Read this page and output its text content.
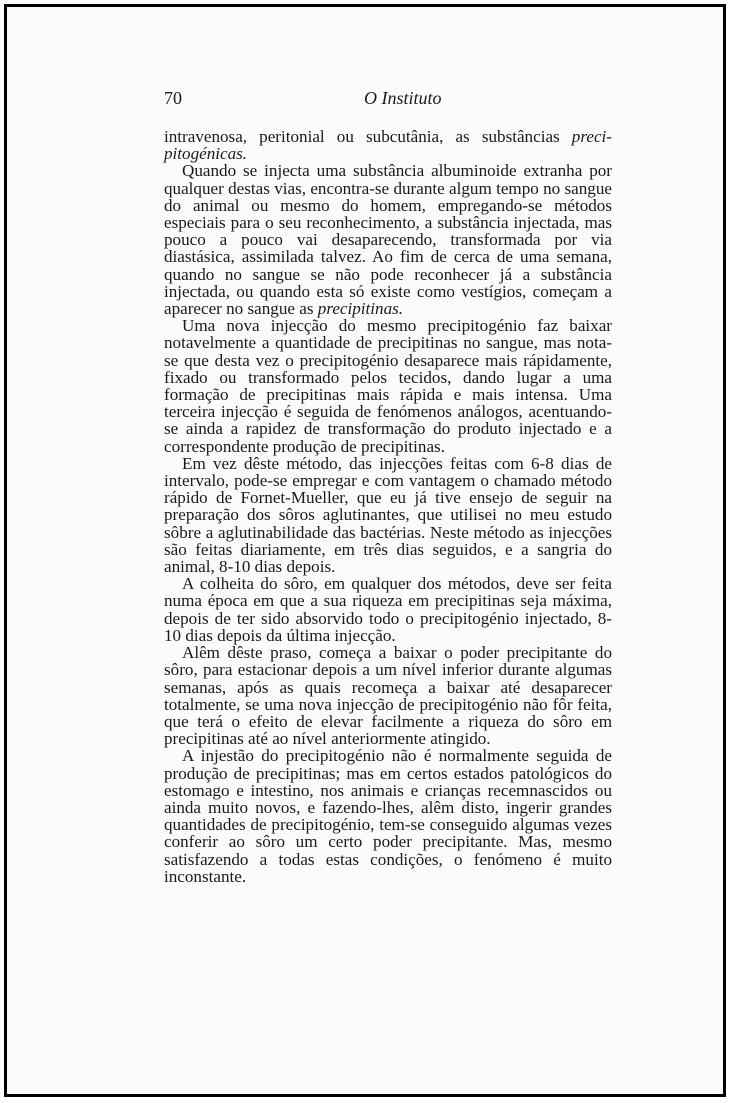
70	O Instituto

intravenosa, peritonial ou subcutânia, as substâncias precipitogénicas.

Quando se injecta uma substância albuminoide extranha por qualquer destas vias, encontra-se durante algum tempo no sangue do animal ou mesmo do homem, empregando-se métodos especiais para o seu reconhecimento, a substância injectada, mas pouco a pouco vai desaparecendo, transformada por via diastásica, assimilada talvez. Ao fim de cerca de uma semana, quando no sangue se não pode reconhecer já a substância injectada, ou quando esta só existe como vestígios, começam a aparecer no sangue as precipitinas.

Uma nova injecção do mesmo precipitogénio faz baixar notavelmente a quantidade de precipitinas no sangue, mas nota-se que desta vez o precipitogénio desaparece mais rápidamente, fixado ou transformado pelos tecidos, dando lugar a uma formação de precipitinas mais rápida e mais intensa. Uma terceira injecção é seguida de fenómenos análogos, acentuando-se ainda a rapidez de transformação do produto injectado e a correspondente produção de precipitinas.

Em vez dêste método, das injecções feitas com 6-8 dias de intervalo, pode-se empregar e com vantagem o chamado método rápido de Fornet-Mueller, que eu já tive ensejo de seguir na preparação dos sôros aglutinantes, que utilisei no meu estudo sôbre a aglutinabilidade das bactérias. Neste método as injecções são feitas diariamente, em três dias seguidos, e a sangria do animal, 8-10 dias depois.

A colheita do sôro, em qualquer dos métodos, deve ser feita numa época em que a sua riqueza em precipitinas seja máxima, depois de ter sido absorvido todo o precipitogénio injectado, 8-10 dias depois da última injecção.

Alêm dêste praso, começa a baixar o poder precipitante do sôro, para estacionar depois a um nível inferior durante algumas semanas, após as quais recomeça a baixar até desaparecer totalmente, se uma nova injecção de precipitogénio não fôr feita, que terá o efeito de elevar facilmente a riqueza do sôro em precipitinas até ao nível anteriormente atingido.

A injestão do precipitogénio não é normalmente seguida de produção de precipitinas; mas em certos estados patológicos do estomago e intestino, nos animais e crianças recemnascidos ou ainda muito novos, e fazendo-lhes, alêm disto, ingerir grandes quantidades de precipitogénio, tem-se conseguido algumas vezes conferir ao sôro um certo poder precipitante. Mas, mesmo satisfazendo a todas estas condições, o fenómeno é muito inconstante.
